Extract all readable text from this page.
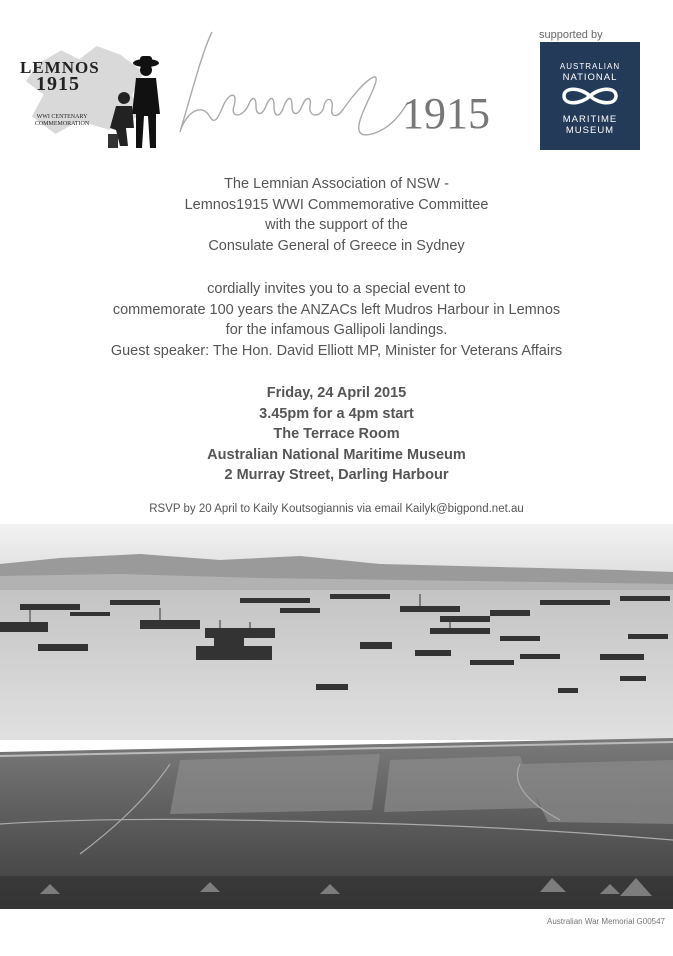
LEMNOS
1915
WWI CENTENARY COMMEMORATION	1915
supported by
AUSTRALIAN
NATIONAL
MARITIME
MUSEUM
The Lemnian Association of NSW -
Lemnos1915 WWI Commemorative Committee
with the support of the
Consulate General of Greece in Sydney
cordially invites you to a special event to
commemorate 100 years the ANZACs left Mudros Harbour in Lemnos
for the infamous Gallipoli landings.
Guest speaker: The Hon. David Elliott MP, Minister for Veterans Affairs
Friday, 24 April 2015
3.45pm for a 4pm start
The Terrace Room
Australian National Maritime Museum
2 Murray Street, Darling Harbour
RSVP by 20 April to Kaily Koutsogiannis via email Kailyk@bigpond.net.au
Australian War Memorial G00547
